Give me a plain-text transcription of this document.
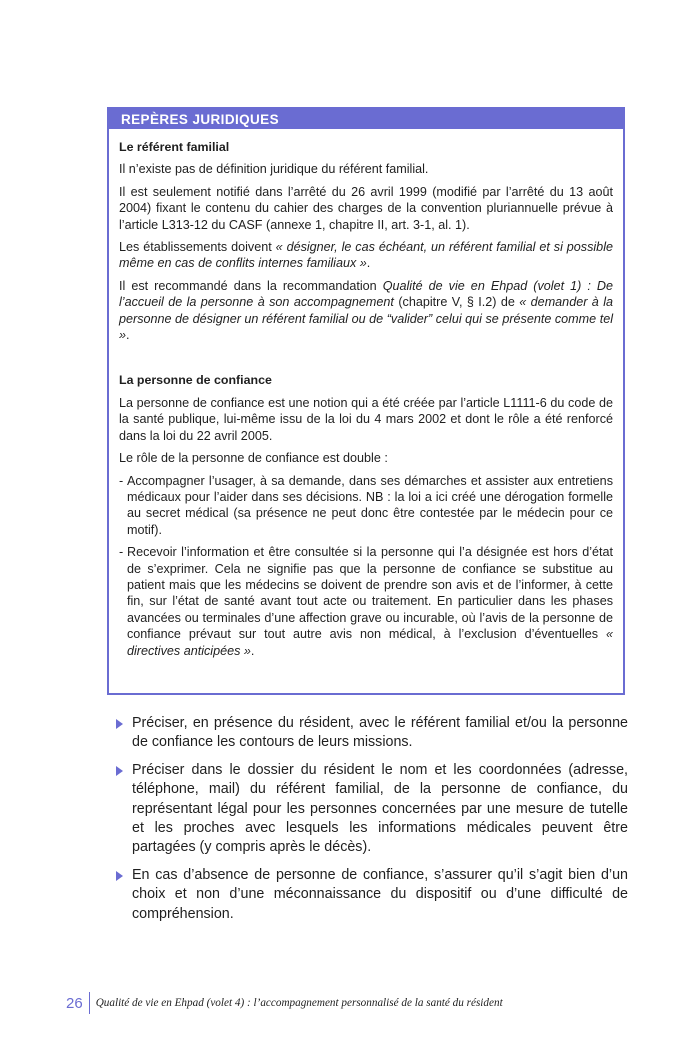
REPÈRES JURIDIQUES
Le référent familial

Il n’existe pas de définition juridique du référent familial.

Il est seulement notifié dans l’arrêté du 26 avril 1999 (modifié par l’arrêté du 13 août 2004) fixant le contenu du cahier des charges de la convention pluriannuelle prévue à l’article L313-12 du CASF (annexe 1, chapitre II, art. 3-1, al. 1).

Les établissements doivent « désigner, le cas échéant, un référent familial et si possible même en cas de conflits internes familiaux ».

Il est recommandé dans la recommandation Qualité de vie en Ehpad (volet 1) : De l’accueil de la personne à son accompagnement (chapitre V, § I.2) de « demander à la personne de désigner un référent familial ou de “valider” celui qui se présente comme tel ».

La personne de confiance

La personne de confiance est une notion qui a été créée par l’article L1111-6 du code de la santé publique, lui-même issu de la loi du 4 mars 2002 et dont le rôle a été renforcé dans la loi du 22 avril 2005.

Le rôle de la personne de confiance est double :

- Accompagner l’usager, à sa demande, dans ses démarches et assister aux entretiens médicaux pour l’aider dans ses décisions. NB : la loi a ici créé une dérogation formelle au secret médical (sa présence ne peut donc être contestée par le médecin pour ce motif).
- Recevoir l’information et être consultée si la personne qui l’a désignée est hors d’état de s’exprimer. Cela ne signifie pas que la personne de confiance se substitue au patient mais que les médecins se doivent de prendre son avis et de l’informer, à cette fin, sur l’état de santé avant tout acte ou traitement. En particulier dans les phases avancées ou terminales d’une affection grave ou incurable, où l’avis de la personne de confiance prévaut sur tout autre avis non médical, à l’exclusion d’éventuelles « directives anticipées ».
Préciser, en présence du résident, avec le référent familial et/ou la personne de confiance les contours de leurs missions.
Préciser dans le dossier du résident le nom et les coordonnées (adresse, téléphone, mail) du référent familial, de la personne de confiance, du représentant légal pour les personnes concernées par une mesure de tutelle et les proches avec lesquels les informations médicales peuvent être partagées (y compris après le décès).
En cas d’absence de personne de confiance, s’assurer qu’il s’agit bien d’un choix et non d’une méconnaissance du dispositif ou d’une difficulté de compréhension.
26	Qualité de vie en Ehpad (volet 4) : l’accompagnement personnalisé de la santé du résident
